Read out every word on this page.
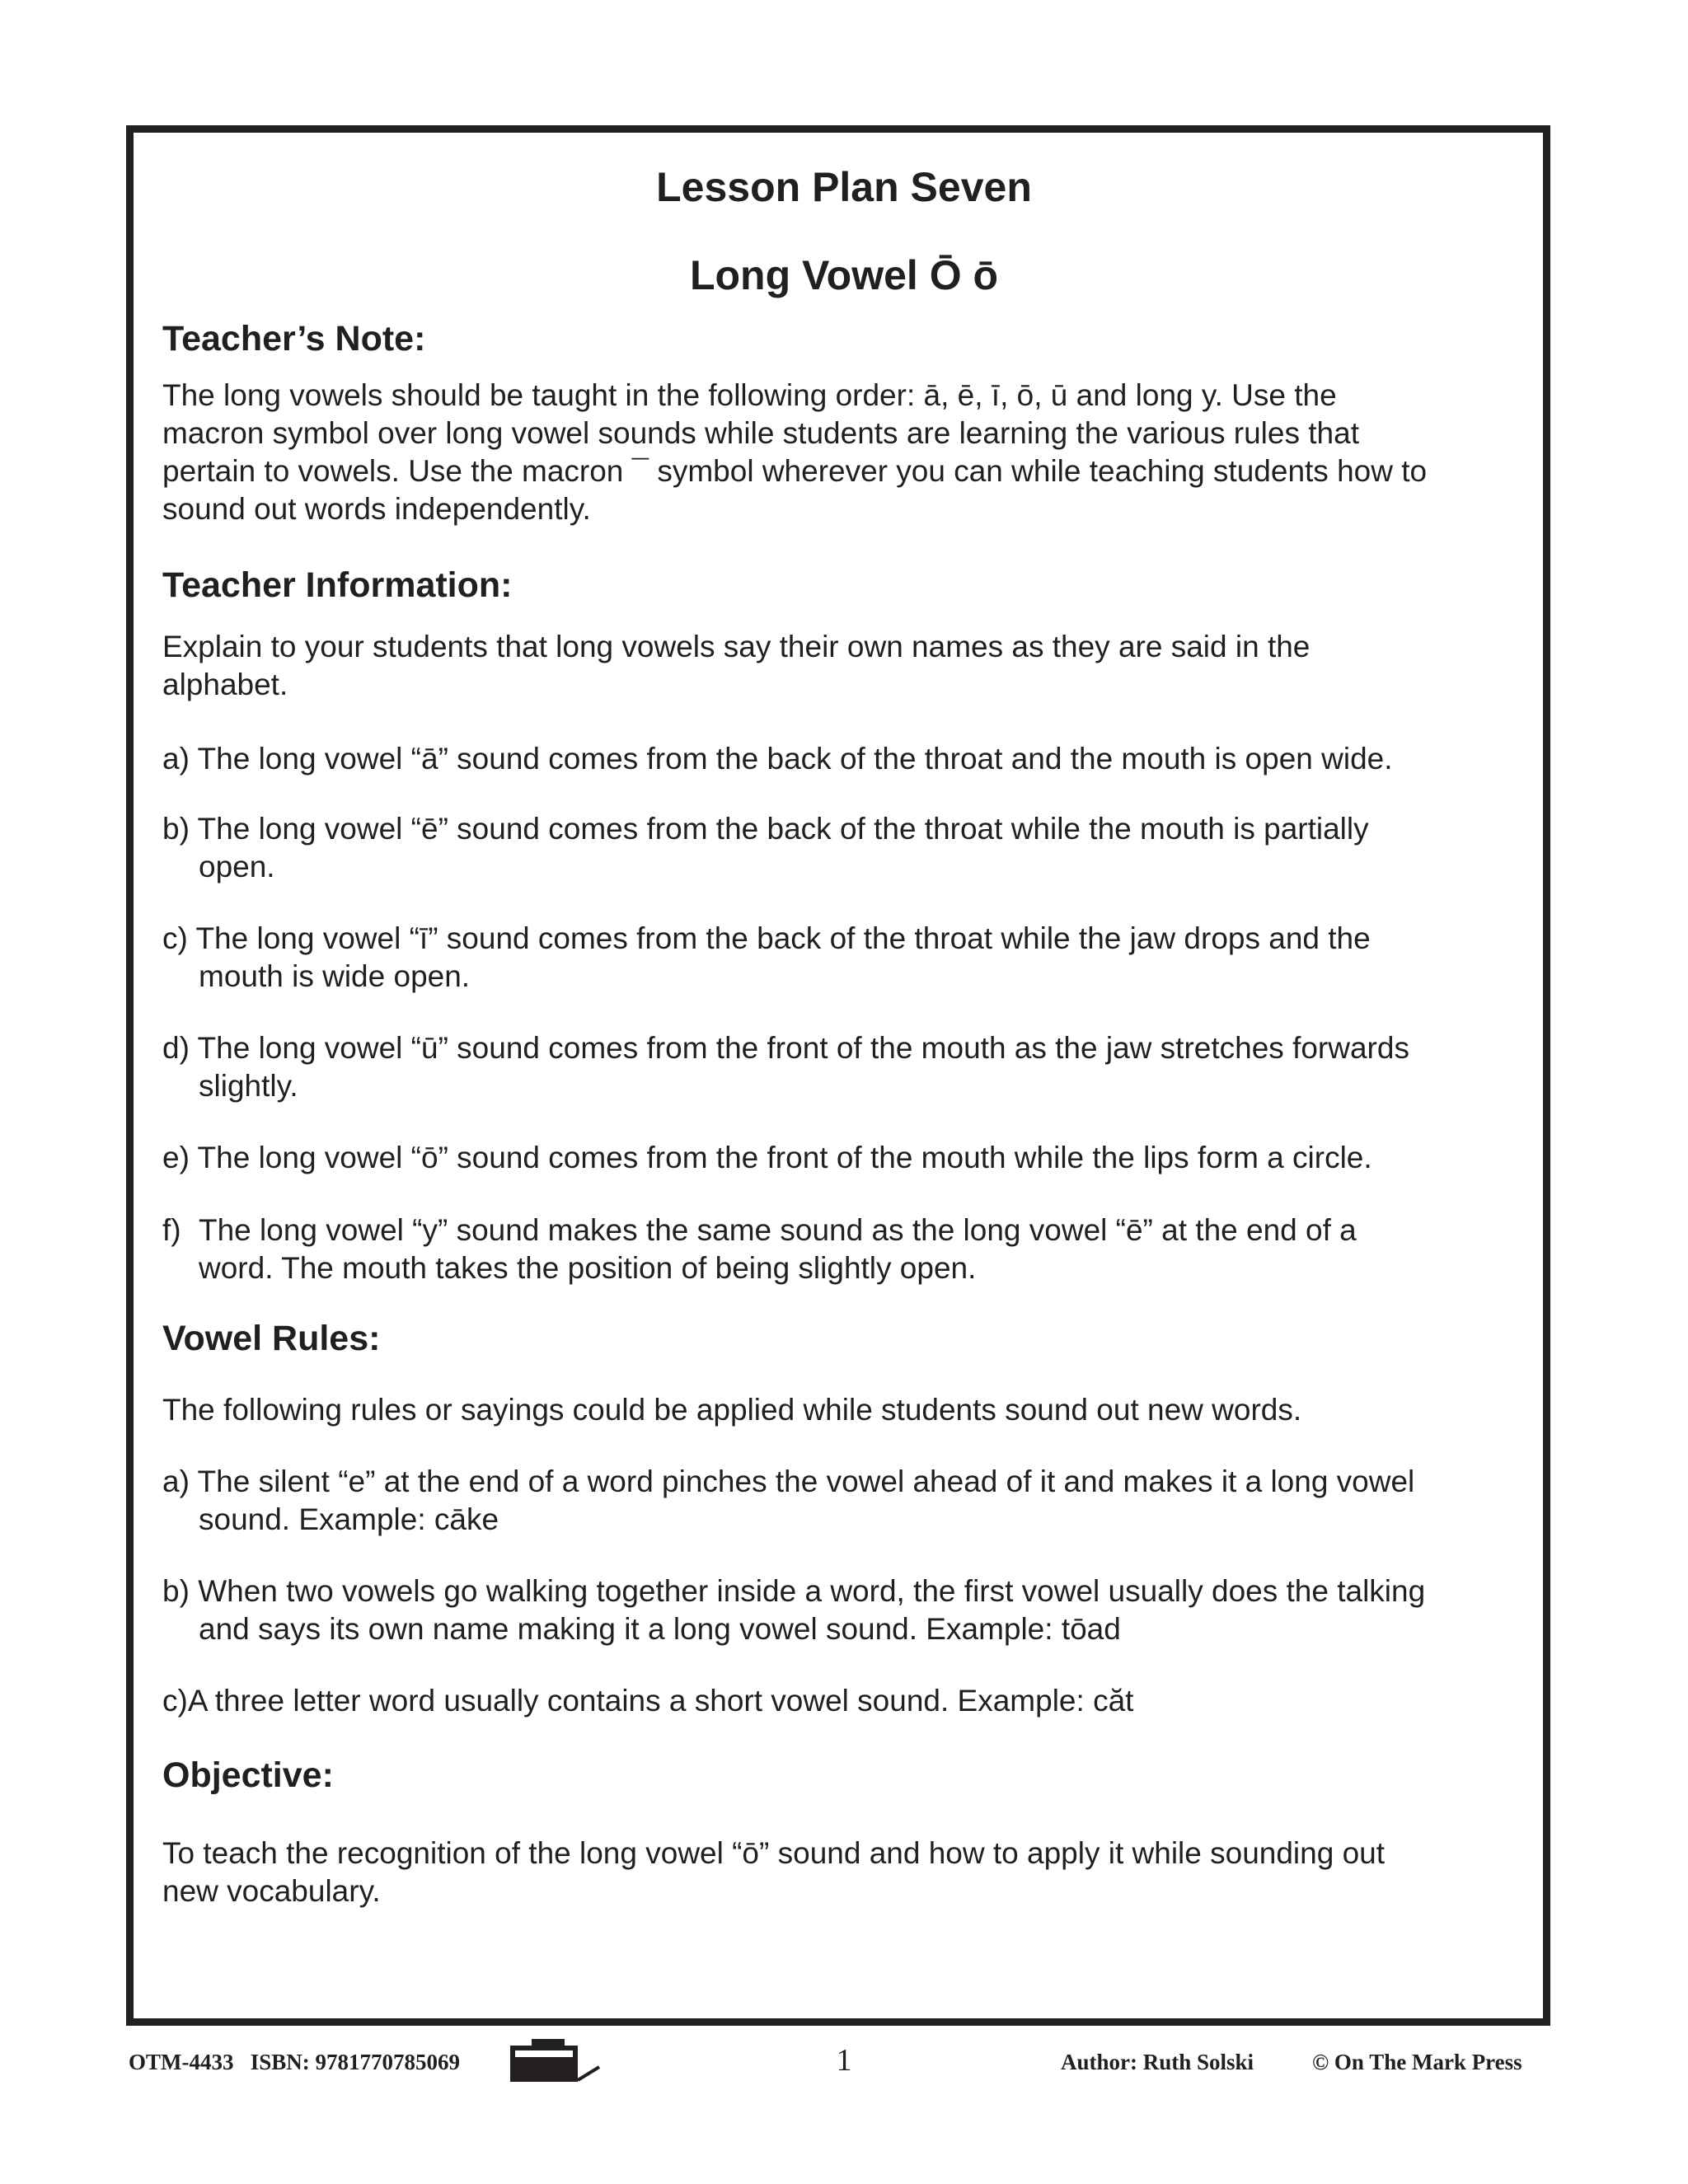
Lesson Plan Seven
Long Vowel Ō ō
Teacher’s Note:
The long vowels should be taught in the following order: ā, ē, ī, ō, ū and long y. Use the
macron symbol over long vowel sounds while students are learning the various rules that
pertain to vowels. Use the macron ¯ symbol wherever you can while teaching students how to
sound out words independently.
Teacher Information:
Explain to your students that long vowels say their own names as they are said in the
alphabet.
a) The long vowel “ā” sound comes from the back of the throat and the mouth is open wide.
b) The long vowel “ē” sound comes from the back of the throat while the mouth is partially
open.
c) The long vowel “ī” sound comes from the back of the throat while the jaw drops and the
mouth is wide open.
d) The long vowel “ū” sound comes from the front of the mouth as the jaw stretches forwards
slightly.
e) The long vowel “ō” sound comes from the front of the mouth while the lips form a circle.
f) The long vowel “y” sound makes the same sound as the long vowel “ē” at the end of a
word. The mouth takes the position of being slightly open.
Vowel Rules:
The following rules or sayings could be applied while students sound out new words.
a) The silent “e” at the end of a word pinches the vowel ahead of it and makes it a long vowel
sound. Example: cāke
b) When two vowels go walking together inside a word, the first vowel usually does the talking
and says its own name making it a long vowel sound. Example: tōad
c)A three letter word usually contains a short vowel sound. Example: căt
Objective:
To teach the recognition of the long vowel “ō” sound and how to apply it while sounding out
new vocabulary.
OTM-4433 ISBN: 9781770785069	1	Author: Ruth Solski	© On The Mark Press
